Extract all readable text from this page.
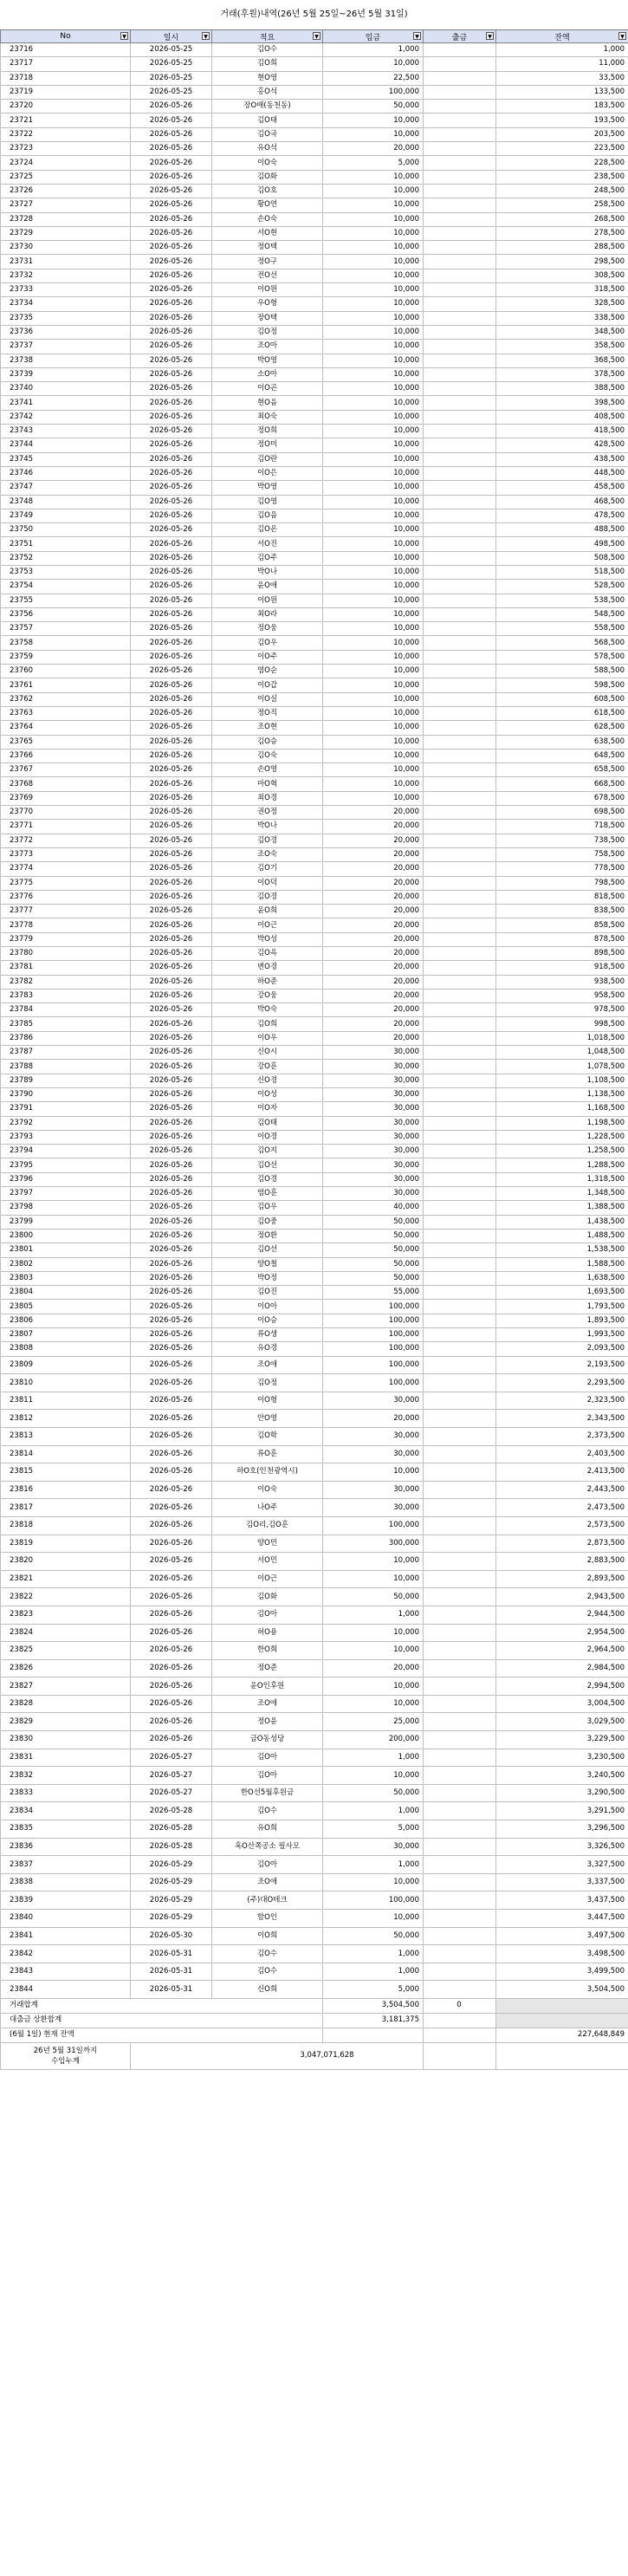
거래(후원)내역(26년 5월 25일~26년 5월 31일)
No ▼	일시 ▼	적요 ▼	입금 ▼	출금 ▼	잔액 ▼

23716	2026-05-25	김O수	1,000		1,000
23717	2026-05-25	김O희	10,000		11,000
23718	2026-05-25	현O영	22,500		33,500
23719	2026-05-25	홍O석	100,000		133,500
23720	2026-05-26	장O매(동천동)	50,000		183,500
23721	2026-05-26	김O태	10,000		193,500
23722	2026-05-26	김O국	10,000		203,500
23723	2026-05-26	유O석	20,000		223,500
23724	2026-05-26	이O숙	5,000		228,500
23725	2026-05-26	김O화	10,000		238,500
23726	2026-05-26	김O호	10,000		248,500
23727	2026-05-26	황O연	10,000		258,500
23728	2026-05-26	손O숙	10,000		268,500
23729	2026-05-26	서O현	10,000		278,500
23730	2026-05-26	정O택	10,000		288,500
23731	2026-05-26	정O구	10,000		298,500
23732	2026-05-26	전O선	10,000		308,500
23733	2026-05-26	이O원	10,000		318,500
23734	2026-05-26	우O형	10,000		328,500
23735	2026-05-26	장O택	10,000		338,500
23736	2026-05-26	김O정	10,000		348,500
23737	2026-05-26	조O아	10,000		358,500
23738	2026-05-26	박O영	10,000		368,500
23739	2026-05-26	소O아	10,000		378,500
23740	2026-05-26	이O곤	10,000		388,500
23741	2026-05-26	현O음	10,000		398,500
23742	2026-05-26	최O숙	10,000		408,500
23743	2026-05-26	정O희	10,000		418,500
23744	2026-05-26	정O미	10,000		428,500
23745	2026-05-26	김O란	10,000		438,500
23746	2026-05-26	이O은	10,000		448,500
23747	2026-05-26	박O영	10,000		458,500
23748	2026-05-26	김O영	10,000		468,500
23749	2026-05-26	김O음	10,000		478,500
23750	2026-05-26	김O온	10,000		488,500
23751	2026-05-26	서O진	10,000		498,500
23752	2026-05-26	김O주	10,000		508,500
23753	2026-05-26	박O나	10,000		518,500
23754	2026-05-26	윤O애	10,000		528,500
23755	2026-05-26	이O원	10,000		538,500
23756	2026-05-26	최O라	10,000		548,500
23757	2026-05-26	정O웅	10,000		558,500
23758	2026-05-26	김O우	10,000		568,500
23759	2026-05-26	이O주	10,000		578,500
23760	2026-05-26	염O순	10,000		588,500
23761	2026-05-26	이O갑	10,000		598,500
23762	2026-05-26	이O실	10,000		608,500
23763	2026-05-26	정O직	10,000		618,500
23764	2026-05-26	조O현	10,000		628,500
23765	2026-05-26	김O승	10,000		638,500
23766	2026-05-26	김O숙	10,000		648,500
23767	2026-05-26	손O영	10,000		658,500
23768	2026-05-26	마O혁	10,000		668,500
23769	2026-05-26	최O경	10,000		678,500
23770	2026-05-26	권O정	20,000		698,500
23771	2026-05-26	박O나	20,000		718,500
23772	2026-05-26	김O경	20,000		738,500
23773	2026-05-26	조O숙	20,000		758,500
23774	2026-05-26	김O기	20,000		778,500
23775	2026-05-26	이O덕	20,000		798,500
23776	2026-05-26	김O경	20,000		818,500
23777	2026-05-26	윤O희	20,000		838,500
23778	2026-05-26	이O근	20,000		858,500
23779	2026-05-26	박O성	20,000		878,500
23780	2026-05-26	김O옥	20,000		898,500
23781	2026-05-26	변O경	20,000		918,500
23782	2026-05-26	하O준	20,000		938,500
23783	2026-05-26	강O웅	20,000		958,500
23784	2026-05-26	박O숙	20,000		978,500
23785	2026-05-26	김O희	20,000		998,500
23786	2026-05-26	이O우	20,000		1,018,500
23787	2026-05-26	신O시	30,000		1,048,500
23788	2026-05-26	강O훈	30,000		1,078,500
23789	2026-05-26	신O경	30,000		1,108,500
23790	2026-05-26	이O성	30,000		1,138,500
23791	2026-05-26	이O자	30,000		1,168,500
23792	2026-05-26	김O태	30,000		1,198,500
23793	2026-05-26	이O경	30,000		1,228,500
23794	2026-05-26	김O지	30,000		1,258,500
23795	2026-05-26	김O선	30,000		1,288,500
23796	2026-05-26	김O경	30,000		1,318,500
23797	2026-05-26	염O훈	30,000		1,348,500
23798	2026-05-26	김O우	40,000		1,388,500
23799	2026-05-26	김O중	50,000		1,438,500
23800	2026-05-26	정O환	50,000		1,488,500
23801	2026-05-26	김O선	50,000		1,538,500
23802	2026-05-26	양O철	50,000		1,588,500
23803	2026-05-26	박O정	50,000		1,638,500
23804	2026-05-26	김O진	55,000		1,693,500
23805	2026-05-26	이O아	100,000		1,793,500
23806	2026-05-26	이O승	100,000		1,893,500
23807	2026-05-26	류O생	100,000		1,993,500
23808	2026-05-26	유O경	100,000		2,093,500
23809	2026-05-26	조O애	100,000		2,193,500
23810	2026-05-26	김O정	100,000		2,293,500
23811	2026-05-26	이O형	30,000		2,323,500
23812	2026-05-26	안O영	20,000		2,343,500
23813	2026-05-26	김O학	30,000		2,373,500
23814	2026-05-26	류O훈	30,000		2,403,500
23815	2026-05-26	하O호(인천광역시)	10,000		2,413,500
23816	2026-05-26	이O숙	30,000		2,443,500
23817	2026-05-26	나O주	30,000		2,473,500
23818	2026-05-26	김O리,김O훈	100,000		2,573,500
23819	2026-05-26	양O민	300,000		2,873,500
23820	2026-05-26	서O민	10,000		2,883,500
23821	2026-05-26	이O근	10,000		2,893,500
23822	2026-05-26	김O화	50,000		2,943,500
23823	2026-05-26	김O아	1,000		2,944,500
23824	2026-05-26	허O용	10,000		2,954,500
23825	2026-05-26	한O희	10,000		2,964,500
23826	2026-05-26	정O준	20,000		2,984,500
23827	2026-05-26	윤O인후원	10,000		2,994,500
23828	2026-05-26	조O애	10,000		3,004,500
23829	2026-05-26	정O윤	25,000		3,029,500
23830	2026-05-26	금O동성당	200,000		3,229,500
23831	2026-05-27	김O아	1,000		3,230,500
23832	2026-05-27	김O아	10,000		3,240,500
23833	2026-05-27	한O선5월후원금	50,000		3,290,500
23834	2026-05-28	김O수	1,000		3,291,500
23835	2026-05-28	유O희	5,000		3,296,500
23836	2026-05-28	혹O산쪽공소 필사모	30,000		3,326,500
23837	2026-05-29	김O아	1,000		3,327,500
23838	2026-05-29	조O애	10,000		3,337,500
23839	2026-05-29	(주)대O테크	100,000		3,437,500
23840	2026-05-29	함O인	10,000		3,447,500
23841	2026-05-30	이O희	50,000		3,497,500
23842	2026-05-31	김O수	1,000		3,498,500
23843	2026-05-31	김O수	1,000		3,499,500
23844	2026-05-31	신O희	5,000		3,504,500
거래합계			3,504,500	0	
대출금 상환합계			3,181,375		
(6월 1일) 현재 잔액					227,648,849

26년 5월 31일까지
수입누계	3,047,071,628				
